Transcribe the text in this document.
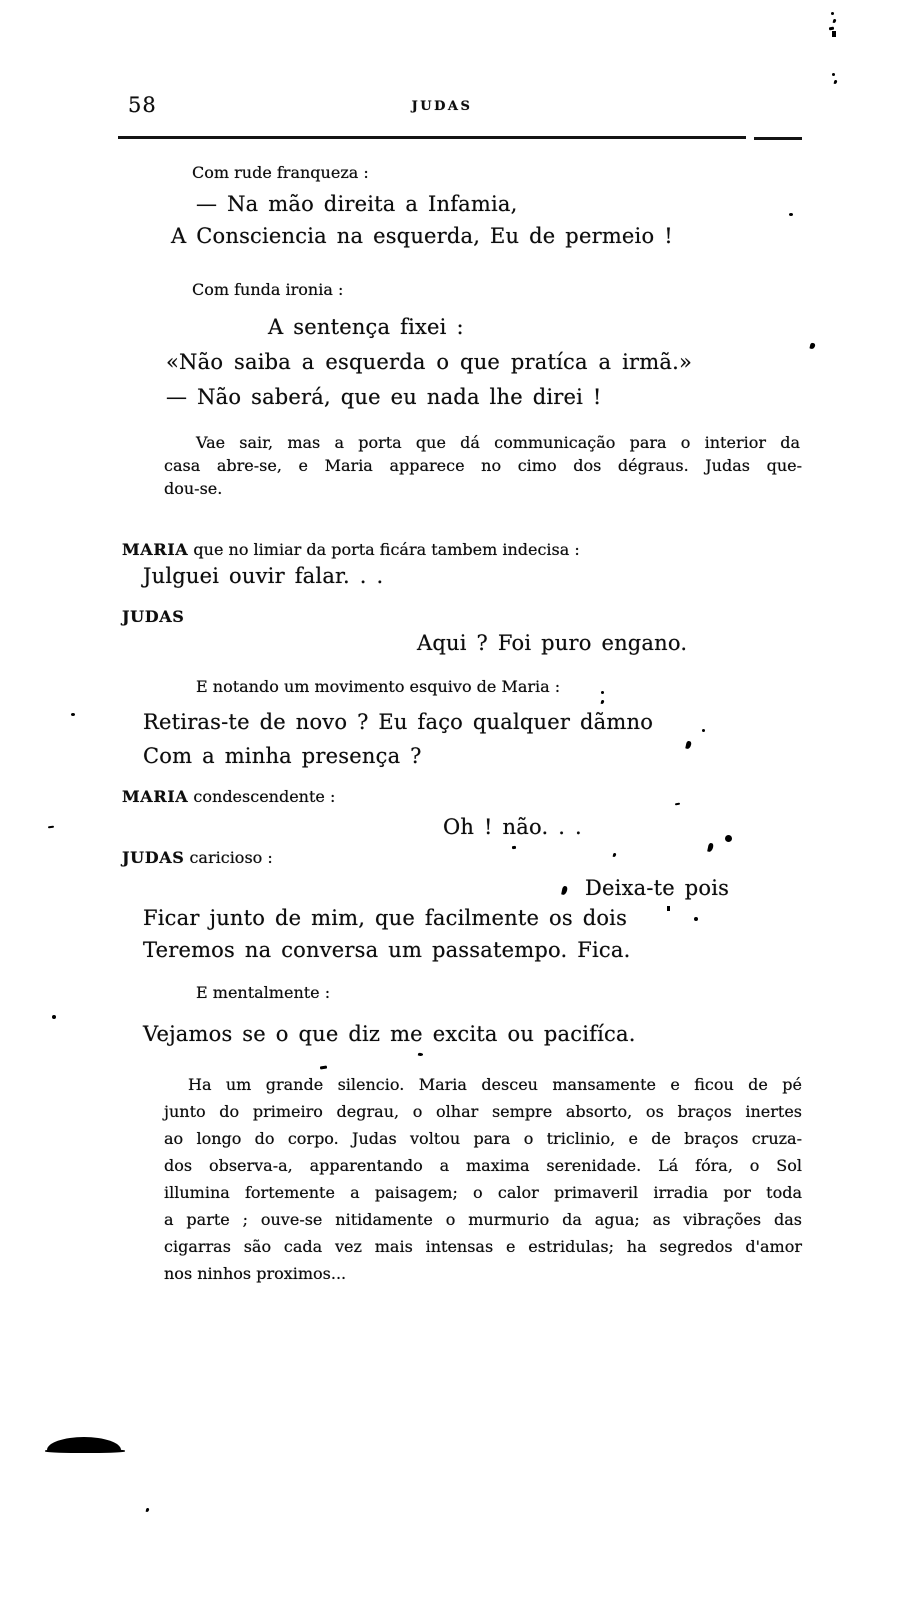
58	JUDAS
Com rude franqueza :
— Na mão direita a Infamia,
A Consciencia na esquerda, Eu de permeio !
Com funda ironia :
A sentença fixei :
«Não saiba a esquerda o que pratíca a irmã.»
— Não saberá, que eu nada lhe direi !
Vae sair, mas a porta que dá communicação para o interior da
casa abre-se, e Maria apparece no cimo dos dégraus. Judas que-
dou-se.
MARIA que no limiar da porta ficára tambem indecisa :
Julguei ouvir falar. . .
JUDAS
Aqui ? Foi puro engano.
E notando um movimento esquivo de Maria :
Retiras-te de novo ? Eu faço qualquer dãmno
Com a minha presença ?
MARIA condescendente :
Oh ! não. . .
JUDAS caricioso :
Deixa-te pois
Ficar junto de mim, que facilmente os dois
Teremos na conversa um passatempo. Fica.
E mentalmente :
Vejamos se o que diz me excita ou pacifíca.
Ha um grande silencio. Maria desceu mansamente e ficou de pé
junto do primeiro degrau, o olhar sempre absorto, os braços inertes
ao longo do corpo. Judas voltou para o triclinio, e de braços cruza-
dos observa-a, apparentando a maxima serenidade. Lá fóra, o Sol
illumina fortemente a paisagem; o calor primaveril irradia por toda
a parte ; ouve-se nitidamente o murmurio da agua; as vibrações das
cigarras são cada vez mais intensas e estridulas; ha segredos d'amor
nos ninhos proximos...
